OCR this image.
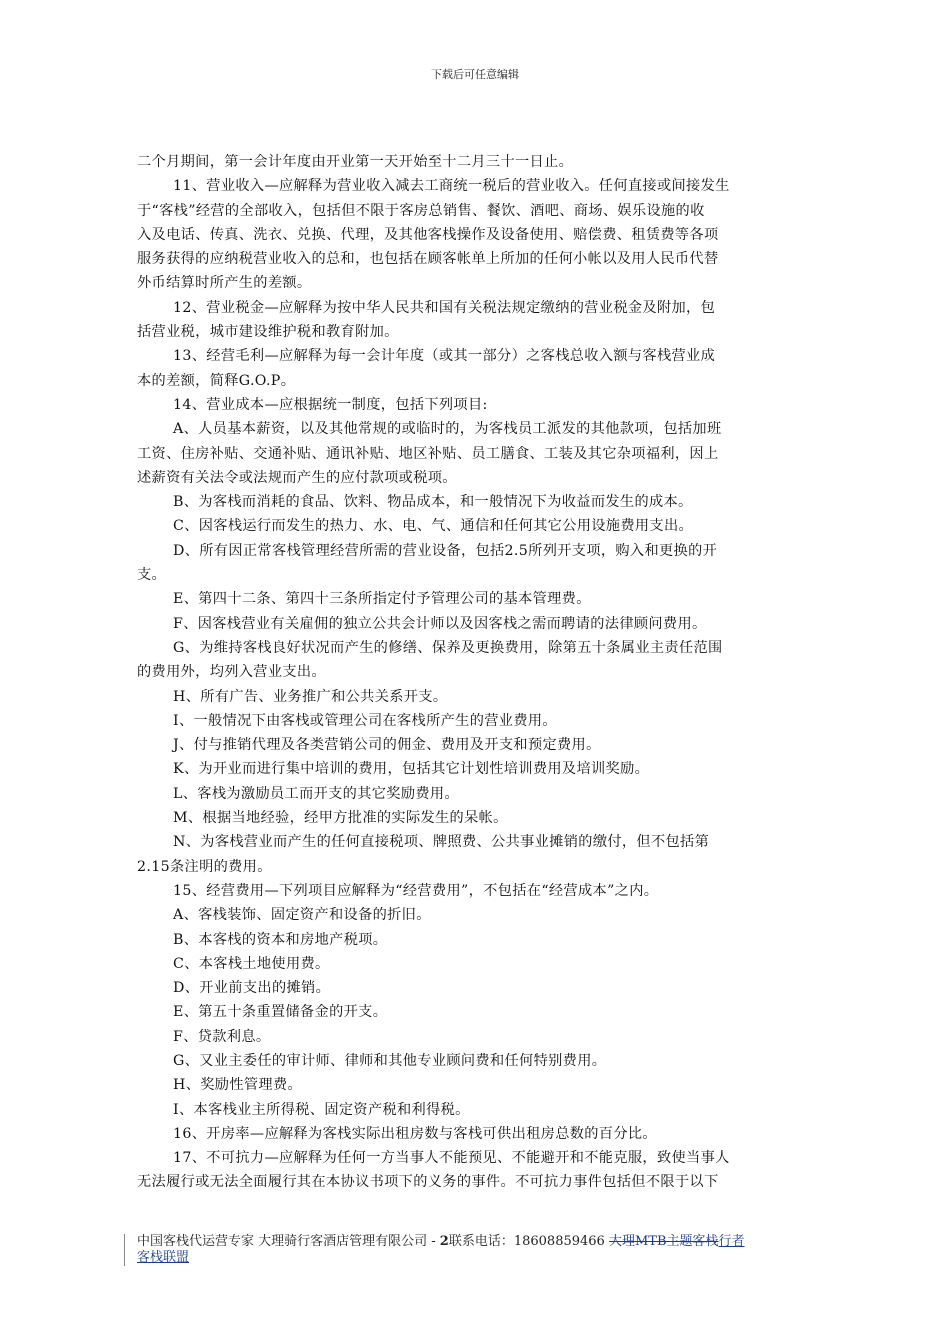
下载后可任意编辑
二个月期间，第一会计年度由开业第一天开始至十二月三十一日止。
11、营业收入—应解释为营业收入减去工商统一税后的营业收入。任何直接或间接发生
于“客栈”经营的全部收入，包括但不限于客房总销售、餐饮、酒吧、商场、娱乐设施的收
入及电话、传真、洗衣、兑换、代理，及其他客栈操作及设备使用、赔偿费、租赁费等各项
服务获得的应纳税营业收入的总和，也包括在顾客帐单上所加的任何小帐以及用人民币代替
外币结算时所产生的差额。
12、营业税金—应解释为按中华人民共和国有关税法规定缴纳的营业税金及附加，包
括营业税，城市建设维护税和教育附加。
13、经营毛利—应解释为每一会计年度（或其一部分）之客栈总收入额与客栈营业成
本的差额，简释G.O.P。
14、营业成本—应根据统一制度，包括下列项目:
A、人员基本薪资，以及其他常规的或临时的，为客栈员工派发的其他款项，包括加班
工资、住房补贴、交通补贴、通讯补贴、地区补贴、员工膳食、工装及其它杂项福利，因上
述薪资有关法令或法规而产生的应付款项或税项。
B、为客栈而消耗的食品、饮料、物品成本，和一般情况下为收益而发生的成本。
C、因客栈运行而发生的热力、水、电、气、通信和任何其它公用设施费用支出。
D、所有因正常客栈管理经营所需的营业设备，包括2.5所列开支项，购入和更换的开
支。
E、第四十二条、第四十三条所指定付予管理公司的基本管理费。
F、因客栈营业有关雇佣的独立公共会计师以及因客栈之需而聘请的法律顾问费用。
G、为维持客栈良好状况而产生的修缮、保养及更换费用，除第五十条属业主责任范围
的费用外，均列入营业支出。
H、所有广告、业务推广和公共关系开支。
I、一般情况下由客栈或管理公司在客栈所产生的营业费用。
J、付与推销代理及各类营销公司的佣金、费用及开支和预定费用。
K、为开业而进行集中培训的费用，包括其它计划性培训费用及培训奖励。
L、客栈为激励员工而开支的其它奖励费用。
M、根据当地经验，经甲方批准的实际发生的呆帐。
N、为客栈营业而产生的任何直接税项、牌照费、公共事业摊销的缴付，但不包括第
2.15条注明的费用。
15、经营费用—下列项目应解释为“经营费用”，不包括在“经营成本”之内。
A、客栈装饰、固定资产和设备的折旧。
B、本客栈的资本和房地产税项。
C、本客栈土地使用费。
D、开业前支出的摊销。
E、第五十条重置储备金的开支。
F、贷款利息。
G、又业主委任的审计师、律师和其他专业顾问费和任何特别费用。
H、奖励性管理费。
I、本客栈业主所得税、固定资产税和利得税。
16、开房率—应解释为客栈实际出租房数与客栈可供出租房总数的百分比。
17、不可抗力—应解释为任何一方当事人不能预见、不能避开和不能克服，致使当事人
无法履行或无法全面履行其在本协议书项下的义务的事件。不可抗力事件包括但不限于以下
中国客栈代运营专家 大理骑行客酒店管理有限公司 - 2联系电话：18608859466 大理MTB主题客栈行者
客栈联盟
